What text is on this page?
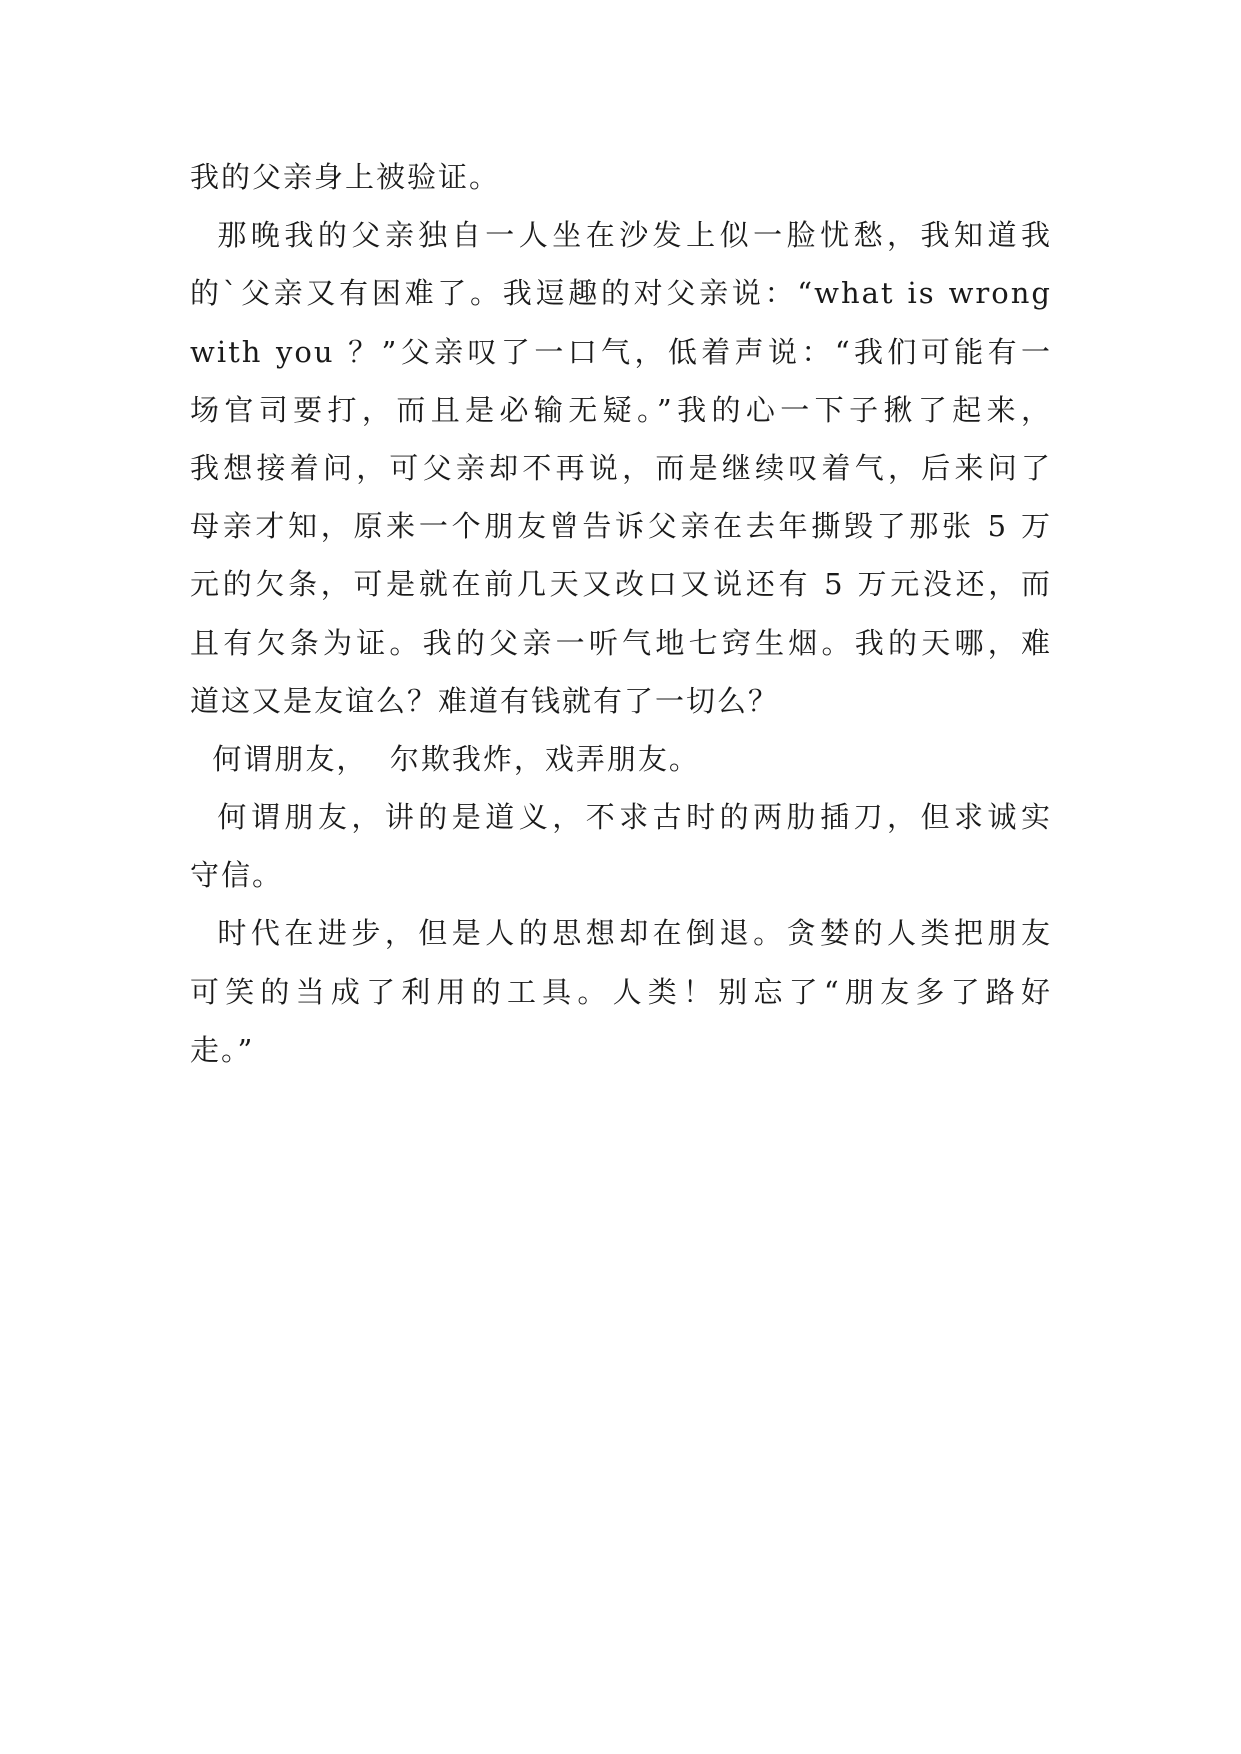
我的父亲身上被验证。
那晚我的父亲独自一人坐在沙发上似一脸忧愁，我知道我
的`父亲又有困难了。我逗趣的对父亲说：“what is wrong
with you ？”父亲叹了一口气，低着声说：“我们可能有一
场官司要打，而且是必输无疑。”我的心一下子揪了起来，
我想接着问，可父亲却不再说，而是继续叹着气，后来问了
母亲才知，原来一个朋友曾告诉父亲在去年撕毁了那张 5 万
元的欠条，可是就在前几天又改口又说还有 5 万元没还，而
且有欠条为证。我的父亲一听气地七窍生烟。我的天哪，难
道这又是友谊么？难道有钱就有了一切么？
何谓朋友，  尔欺我炸，戏弄朋友。
何谓朋友，讲的是道义，不求古时的两肋插刀，但求诚实
守信。
时代在进步，但是人的思想却在倒退。贪婪的人类把朋友
可笑的当成了利用的工具。人类！别忘了“朋友多了路好
走。”
